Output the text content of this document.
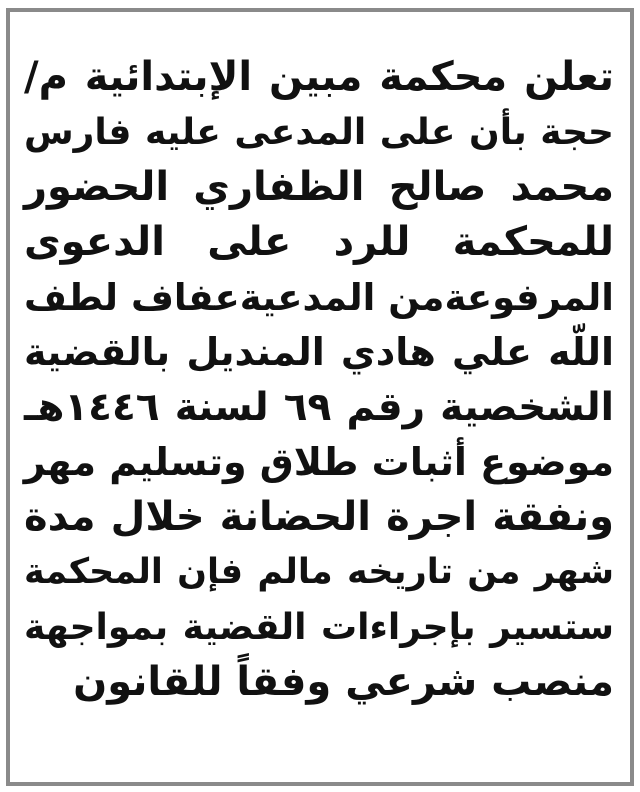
تعلن محكمة مبين الإبتدائية م/
حجة بأن على المدعى عليه فارس
محمد صالح الظفاري الحضور
للمحكمة للرد على الدعوى
المرفوعةمن المدعيةعفاف لطف
اللّه علي هادي المنديل بالقضية
الشخصية رقم ٦٩ لسنة ١٤٤٦هـ
موضوع أثبات طلاق وتسليم مهر
ونفقة اجرة الحضانة خلال مدة
شهر من تاريخه مالم فإن المحكمة
ستسير بإجراءات القضية بمواجهة
منصب شرعي وفقاً للقانون
